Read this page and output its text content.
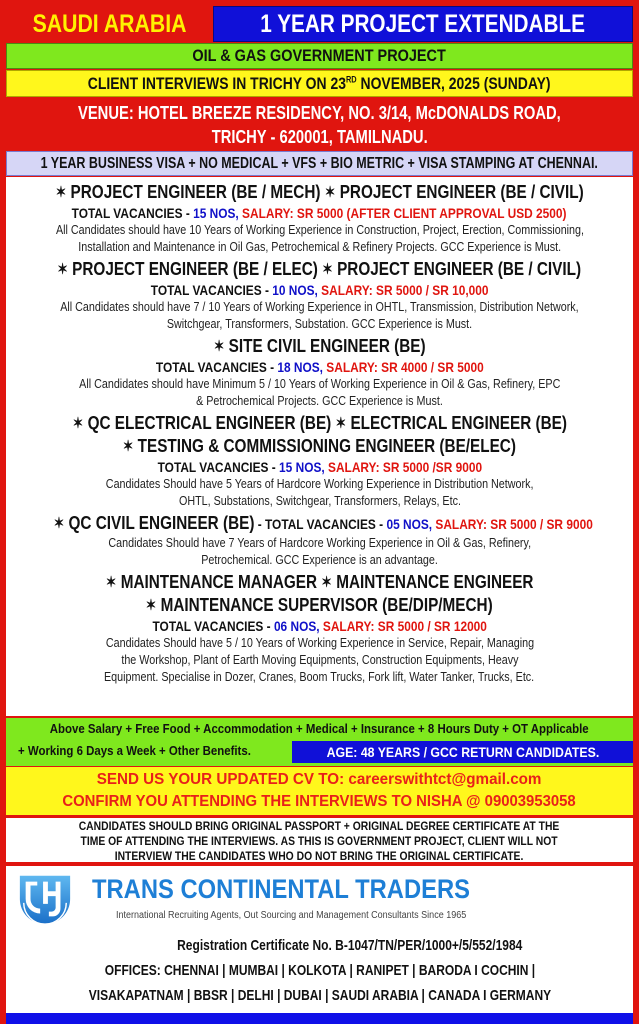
SAUDI ARABIA	1 YEAR PROJECT EXTENDABLE
OIL & GAS GOVERNMENT PROJECT
CLIENT INTERVIEWS IN TRICHY ON 23RD NOVEMBER, 2025 (SUNDAY)
VENUE: HOTEL BREEZE RESIDENCY, NO. 3/14, McDONALDS ROAD,
TRICHY - 620001, TAMILNADU.
1 YEAR BUSINESS VISA + NO MEDICAL + VFS + BIO METRIC + VISA STAMPING AT CHENNAI.
✶ PROJECT ENGINEER (BE / MECH) ✶ PROJECT ENGINEER (BE / CIVIL)
TOTAL VACANCIES - 15 NOS, SALARY: SR 5000 (AFTER CLIENT APPROVAL USD 2500)
All Candidates should have 10 Years of Working Experience in Construction, Project, Erection, Commissioning,
Installation and Maintenance in Oil Gas, Petrochemical & Refinery Projects. GCC Experience is Must.
✶ PROJECT ENGINEER (BE / ELEC) ✶ PROJECT ENGINEER (BE / CIVIL)
TOTAL VACANCIES - 10 NOS, SALARY: SR 5000 / SR 10,000
All Candidates should have 7 / 10 Years of Working Experience in OHTL, Transmission, Distribution Network,
Switchgear, Transformers, Substation. GCC Experience is Must.
✶ SITE CIVIL ENGINEER (BE)
TOTAL VACANCIES - 18 NOS, SALARY: SR 4000 / SR 5000
All Candidates should have Minimum 5 / 10 Years of Working Experience in Oil & Gas, Refinery, EPC
& Petrochemical Projects. GCC Experience is Must.
✶ QC ELECTRICAL ENGINEER (BE) ✶ ELECTRICAL ENGINEER (BE)
✶ TESTING & COMMISSIONING ENGINEER (BE/ELEC)
TOTAL VACANCIES - 15 NOS, SALARY: SR 5000 /SR 9000
Candidates Should have 5 Years of Hardcore Working Experience in Distribution Network,
OHTL, Substations, Switchgear, Transformers, Relays, Etc.
✶ QC CIVIL ENGINEER (BE) - TOTAL VACANCIES - 05 NOS, SALARY: SR 5000 / SR 9000
Candidates Should have 7 Years of Hardcore Working Experience in Oil & Gas, Refinery,
Petrochemical. GCC Experience is an advantage.
✶ MAINTENANCE MANAGER ✶ MAINTENANCE ENGINEER
✶ MAINTENANCE SUPERVISOR (BE/DIP/MECH)
TOTAL VACANCIES - 06 NOS, SALARY: SR 5000 / SR 12000
Candidates Should have 5 / 10 Years of Working Experience in Service, Repair, Managing
the Workshop, Plant of Earth Moving Equipments, Construction Equipments, Heavy
Equipment. Specialise in Dozer, Cranes, Boom Trucks, Fork lift, Water Tanker, Trucks, Etc.
Above Salary + Free Food + Accommodation + Medical + Insurance + 8 Hours Duty + OT Applicable
+ Working 6 Days a Week + Other Benefits.	AGE: 48 YEARS / GCC RETURN CANDIDATES.
SEND US YOUR UPDATED CV TO: careerswithtct@gmail.com
CONFIRM YOU ATTENDING THE INTERVIEWS TO NISHA @ 09003953058
CANDIDATES SHOULD BRING ORIGINAL PASSPORT + ORIGINAL DEGREE CERTIFICATE AT THE
TIME OF ATTENDING THE INTERVIEWS. AS THIS IS GOVERNMENT PROJECT, CLIENT WILL NOT
INTERVIEW THE CANDIDATES WHO DO NOT BRING THE ORIGINAL CERTIFICATE.
TRANS CONTINENTAL TRADERS
International Recruiting Agents, Out Sourcing and Management Consultants Since 1965
Registration Certificate No. B-1047/TN/PER/1000+/5/552/1984
OFFICES: CHENNAI | MUMBAI | KOLKOTA | RANIPET | BARODA I COCHIN |
VISAKAPATNAM | BBSR | DELHI | DUBAI | SAUDI ARABIA | CANADA I GERMANY
